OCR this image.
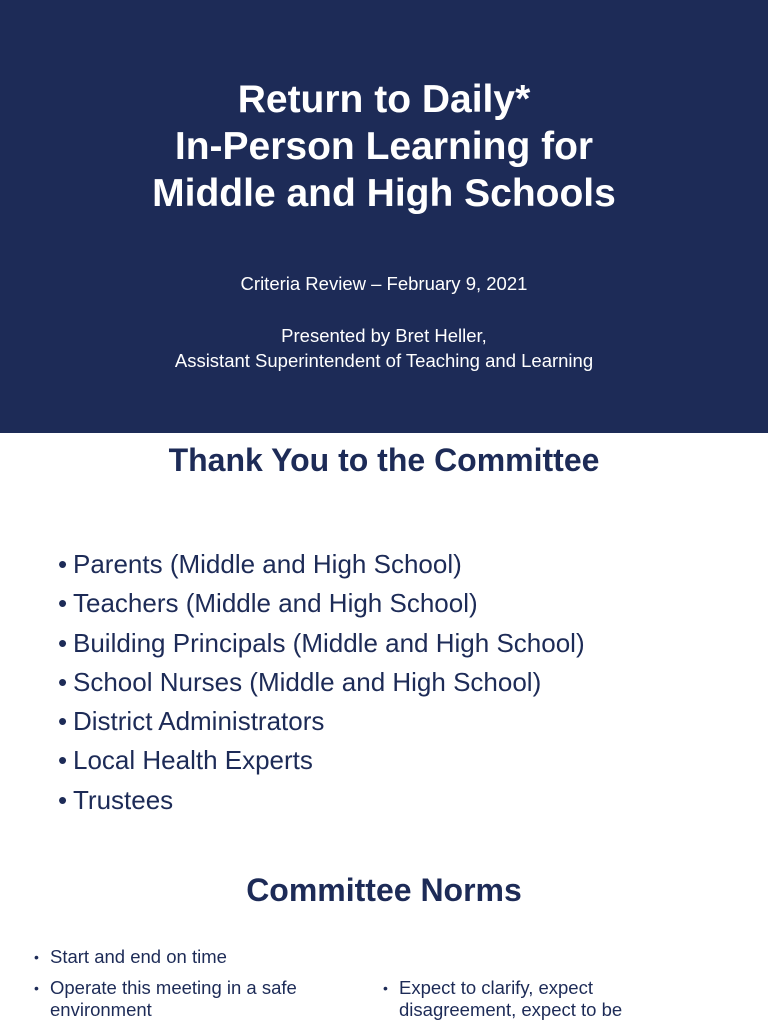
Return to Daily*
In-Person Learning for
Middle and High Schools
Criteria Review – February 9, 2021
Presented by Bret Heller,
Assistant Superintendent of Teaching and Learning
Thank You to the Committee
• Parents (Middle and High School)
• Teachers (Middle and High School)
• Building Principals (Middle and High School)
• School Nurses (Middle and High School)
• District Administrators
• Local Health Experts
• Trustees
Committee Norms
• Start and end on time
• Operate this meeting in a safe environment
• Expect to clarify, expect disagreement, expect to be
